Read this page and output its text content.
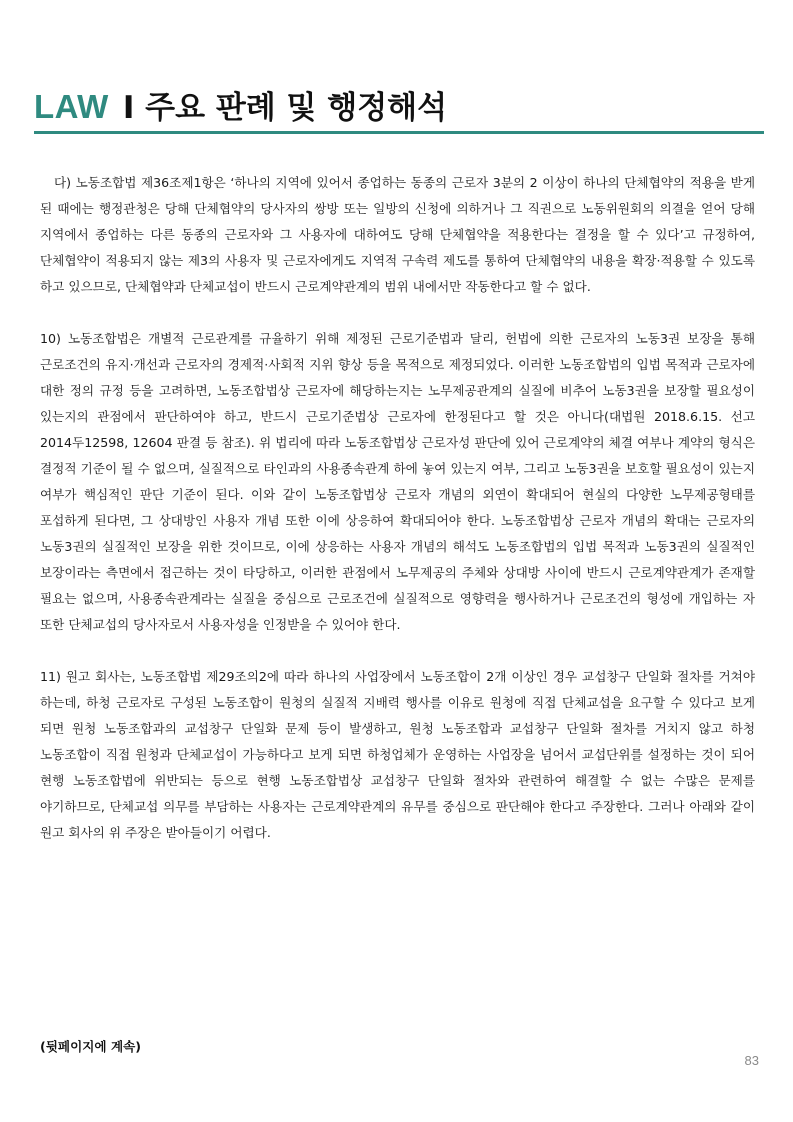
LAW I 주요 판례 및 행정해석

다) 노동조합법 제36조제1항은 ‘하나의 지역에 있어서 종업하는 동종의 근로자 3분의 2 이상이 하나의 단체협약의 적용을 받게 된 때에는 행정관청은 당해 단체협약의 당사자의 쌍방 또는 일방의 신청에 의하거나 그 직권으로 노동위원회의 의결을 얻어 당해 지역에서 종업하는 다른 동종의 근로자와 그 사용자에 대하여도 당해 단체협약을 적용한다는 결정을 할 수 있다’고 규정하여, 단체협약이 적용되지 않는 제3의 사용자 및 근로자에게도 지역적 구속력 제도를 통하여 단체협약의 내용을 확장·적용할 수 있도록 하고 있으므로, 단체협약과 단체교섭이 반드시 근로계약관계의 범위 내에서만 작동한다고 할 수 없다.

10) 노동조합법은 개별적 근로관계를 규율하기 위해 제정된 근로기준법과 달리, 헌법에 의한 근로자의 노동3권 보장을 통해 근로조건의 유지·개선과 근로자의 경제적·사회적 지위 향상 등을 목적으로 제정되었다. 이러한 노동조합법의 입법 목적과 근로자에 대한 정의 규정 등을 고려하면, 노동조합법상 근로자에 해당하는지는 노무제공관계의 실질에 비추어 노동3권을 보장할 필요성이 있는지의 관점에서 판단하여야 하고, 반드시 근로기준법상 근로자에 한정된다고 할 것은 아니다(대법원 2018.6.15. 선고 2014두12598, 12604 판결 등 참조). 위 법리에 따라 노동조합법상 근로자성 판단에 있어 근로계약의 체결 여부나 계약의 형식은 결정적 기준이 될 수 없으며, 실질적으로 타인과의 사용종속관계 하에 놓여 있는지 여부, 그리고 노동3권을 보호할 필요성이 있는지 여부가 핵심적인 판단 기준이 된다. 이와 같이 노동조합법상 근로자 개념의 외연이 확대되어 현실의 다양한 노무제공형태를 포섭하게 된다면, 그 상대방인 사용자 개념 또한 이에 상응하여 확대되어야 한다. 노동조합법상 근로자 개념의 확대는 근로자의 노동3권의 실질적인 보장을 위한 것이므로, 이에 상응하는 사용자 개념의 해석도 노동조합법의 입법 목적과 노동3권의 실질적인 보장이라는 측면에서 접근하는 것이 타당하고, 이러한 관점에서 노무제공의 주체와 상대방 사이에 반드시 근로계약관계가 존재할 필요는 없으며, 사용종속관계라는 실질을 중심으로 근로조건에 실질적으로 영향력을 행사하거나 근로조건의 형성에 개입하는 자 또한 단체교섭의 당사자로서 사용자성을 인정받을 수 있어야 한다.

11) 원고 회사는, 노동조합법 제29조의2에 따라 하나의 사업장에서 노동조합이 2개 이상인 경우 교섭창구 단일화 절차를 거쳐야 하는데, 하청 근로자로 구성된 노동조합이 원청의 실질적 지배력 행사를 이유로 원청에 직접 단체교섭을 요구할 수 있다고 보게 되면 원청 노동조합과의 교섭창구 단일화 문제 등이 발생하고, 원청 노동조합과 교섭창구 단일화 절차를 거치지 않고 하청 노동조합이 직접 원청과 단체교섭이 가능하다고 보게 되면 하청업체가 운영하는 사업장을 넘어서 교섭단위를 설정하는 것이 되어 현행 노동조합법에 위반되는 등으로 현행 노동조합법상 교섭창구 단일화 절차와 관련하여 해결할 수 없는 수많은 문제를 야기하므로, 단체교섭 의무를 부담하는 사용자는 근로계약관계의 유무를 중심으로 판단해야 한다고 주장한다. 그러나 아래와 같이 원고 회사의 위 주장은 받아들이기 어렵다.

(뒷페이지에 계속)
83
